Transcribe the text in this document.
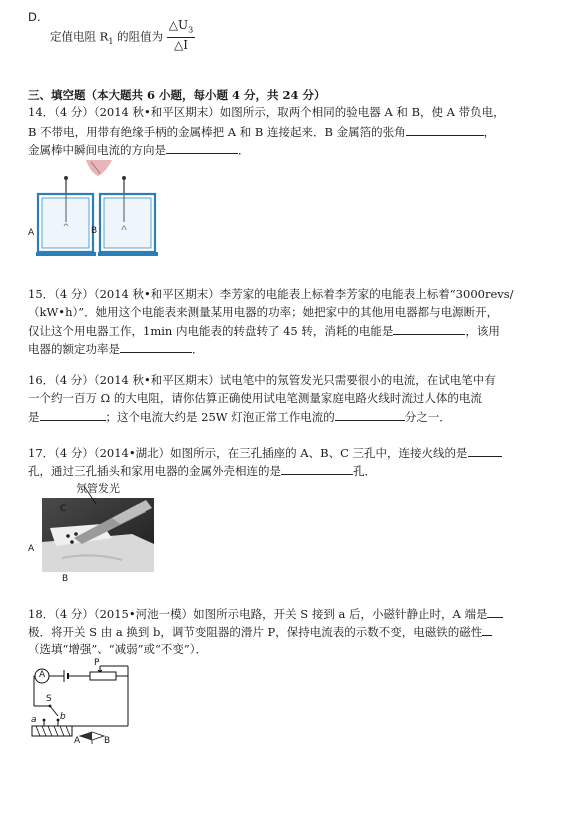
D.
定值电阻 $R_1$ 的阻值为 $\frac{\triangle U_3}{\triangle I}$
三、填空题（本大题共 6 小题，每小题 4 分，共 24 分）
14．（4 分）（2014 秋•和平区期末）如图所示，取两个相同的验电器 A 和 B，使 A 带负电，
B 不带电，用带有绝缘手柄的金属棒把 A 和 B 连接起来．B 金属箔的张角	，
金属棒中瞬间电流的方向是	．
A	B
15．（4 分）（2014 秋•和平区期末）李芳家的电能表上标着李芳家的电能表上标着“3000revs/
（kW•h）”．她用这个电能表来测量某用电器的功率；她把家中的其他用电器都与电源断开，
仅让这个用电器工作，1min 内电能表的转盘转了 45 转，消耗的电能是	，该用
电器的额定功率是	．
16．（4 分）（2014 秋•和平区期末）试电笔中的氖管发光只需要很小的电流，在试电笔中有
一个约一百万 Ω 的大电阻，请你估算正确使用试电笔测量家庭电路火线时流过人体的电流
是	；这个电流大约是 25W 灯泡正常工作电流的	分之一．
17．（4 分）（2014•湖北）如图所示，在三孔插座的 A、B、C 三孔中，连接火线的是
孔，通过三孔插头和家用电器的金属外壳相连的是	孔．
氖管发光
C
A
B
18．（4 分）（2015•河池一模）如图所示电路，开关 S 接到 a 后，小磁针静止时，A 端是
极．将开关 S 由 a 换到 b，调节变阻器的滑片 P，保持电流表的示数不变，电磁铁的磁性
（选填“增强”、“减弱”或“不变”）．
A
P
S
a	b
A	B
